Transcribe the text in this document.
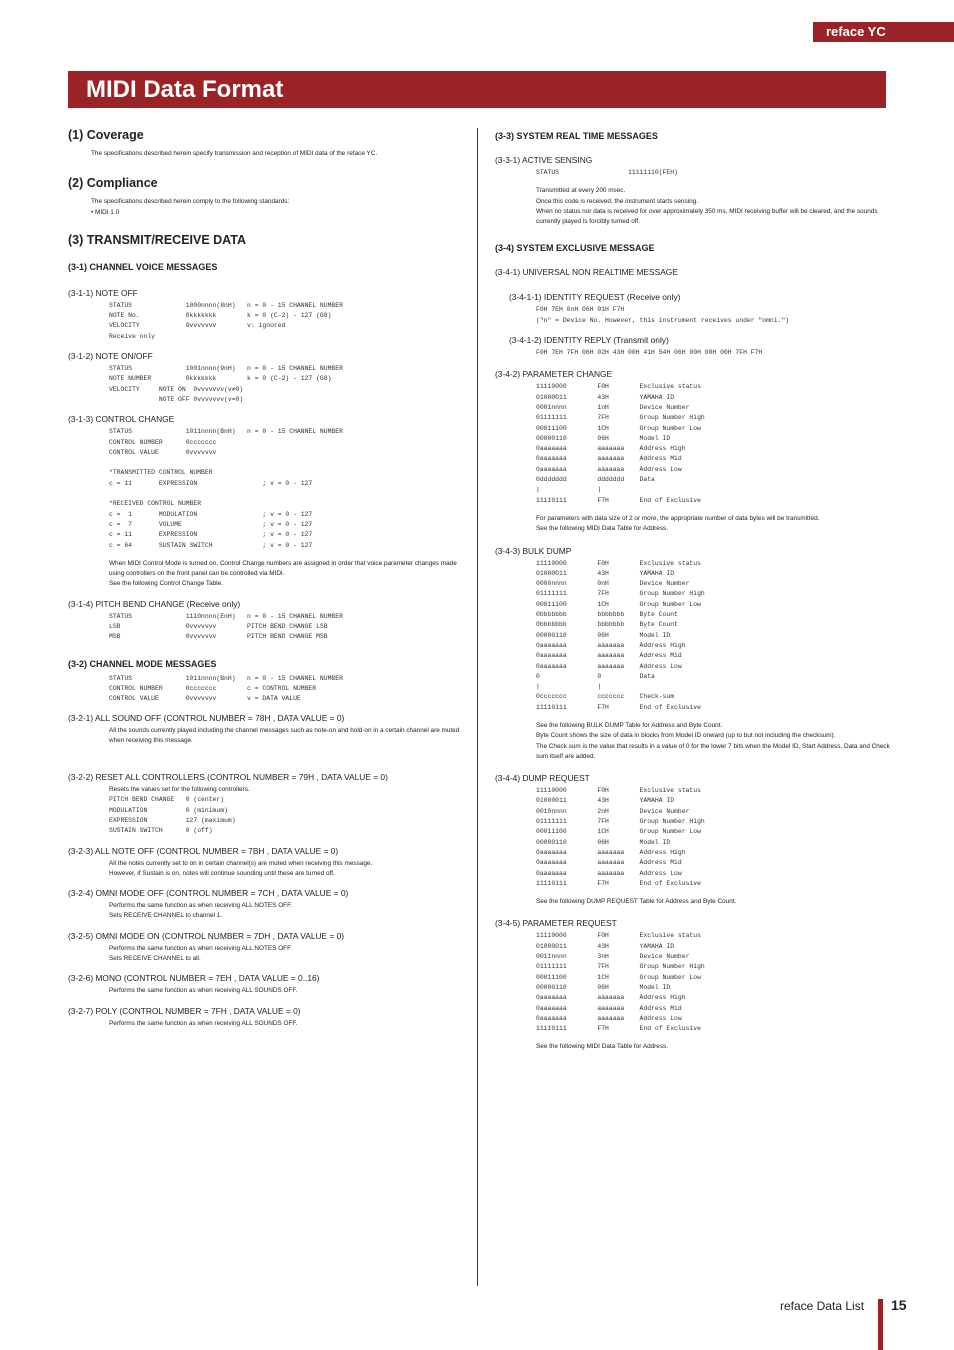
reface YC
MIDI Data Format

(1) Coverage

The specifications described herein specify transmission and reception of MIDI data of the reface YC.

(2) Compliance

The specifications described herein comply to the following standards:

• MIDI 1.0

(3) TRANSMIT/RECEIVE DATA

(3-1) CHANNEL VOICE MESSAGES

(3-1-1) NOTE OFF

STATUS              1000nnnn(8nH)   n = 0 - 15 CHANNEL NUMBER
NOTE No.            0kkkkkkk        k = 0 (C-2) - 127 (G8)
VELOCITY            0vvvvvvv        v: ignored
Receive only

(3-1-2) NOTE ON/OFF

STATUS              1001nnnn(9nH)   n = 0 - 15 CHANNEL NUMBER
NOTE NUMBER         0kkkkkkk        k = 0 (C-2) - 127 (G8)
VELOCITY     NOTE ON  0vvvvvvv(v≠0)
NOTE OFF 0vvvvvvv(v=0)

(3-1-3) CONTROL CHANGE

STATUS              1011nnnn(BnH)   n = 0 - 15 CHANNEL NUMBER
CONTROL NUMBER      0ccccccc
CONTROL VALUE       0vvvvvvv

*TRANSMITTED CONTROL NUMBER
c = 11       EXPRESSION                 ; v = 0 - 127

*RECEIVED CONTROL NUMBER
c =  1       MODULATION                 ; v = 0 - 127
c =  7       VOLUME                     ; v = 0 - 127
c = 11       EXPRESSION                 ; v = 0 - 127
c = 64       SUSTAIN SWITCH             ; v = 0 - 127

When MIDI Control Mode is turned on, Control Change numbers are assigned in order that voice parameter changes made using controllers on the front panel can be controlled via MIDI.

See the following Control Change Table.

(3-1-4) PITCH BEND CHANGE (Receive only)

STATUS              1110nnnn(EnH)   n = 0 - 15 CHANNEL NUMBER
LSB                 0vvvvvvv        PITCH BEND CHANGE LSB
MSB                 0vvvvvvv        PITCH BEND CHANGE MSB

(3-2) CHANNEL MODE MESSAGES

STATUS              1011nnnn(BnH)   n = 0 - 15 CHANNEL NUMBER
CONTROL NUMBER      0ccccccc        c = CONTROL NUMBER
CONTROL VALUE       0vvvvvvv        v = DATA VALUE

(3-2-1) ALL SOUND OFF (CONTROL NUMBER = 78H , DATA VALUE = 0)

All the sounds currently played including the channel messages such as note-on and hold-on in a certain channel are muted when receiving this message.

(3-2-2) RESET ALL CONTROLLERS (CONTROL NUMBER = 79H , DATA VALUE = 0)

Resets the values set for the following controllers.

PITCH BEND CHANGE   0 (center)
MODULATION          0 (minimum)
EXPRESSION          127 (maximum)
SUSTAIN SWITCH      0 (off)

(3-2-3) ALL NOTE OFF (CONTROL NUMBER = 7BH , DATA VALUE = 0)

All the notes currently set to on in certain channel(s) are muted when receiving this message.

However, if Sustain is on, notes will continue sounding until these are turned off.

(3-2-4) OMNI MODE OFF (CONTROL NUMBER = 7CH , DATA VALUE = 0)

Performs the same function as when receiving ALL NOTES OFF.

Sets RECEIVE CHANNEL to channel 1.

(3-2-5) OMNI MODE ON (CONTROL NUMBER = 7DH , DATA VALUE = 0)

Performs the same function as when receiving ALL NOTES OFF.

Sets RECEIVE CHANNEL to all.

(3-2-6) MONO (CONTROL NUMBER = 7EH , DATA VALUE = 0..16)

Performs the same function as when receiving ALL SOUNDS OFF.

(3-2-7) POLY (CONTROL NUMBER = 7FH , DATA VALUE = 0)

Performs the same function as when receiving ALL SOUNDS OFF.

(3-3) SYSTEM REAL TIME MESSAGES

(3-3-1) ACTIVE SENSING

STATUS                  11111110(FEH)

Transmitted at every 200 msec.

Once this code is received, the instrument starts sensing.

When no status nor data is received for over approximately 350 ms, MIDI receiving buffer will be cleared, and the sounds currently played is forcibly turned off.

(3-4) SYSTEM EXCLUSIVE MESSAGE

(3-4-1) UNIVERSAL NON REALTIME MESSAGE

(3-4-1-1) IDENTITY REQUEST (Receive only)

F0H 7EH 0nH 06H 01H F7H
("n" = Device No. However, this instrument receives under "omni.")

(3-4-1-2) IDENTITY REPLY (Transmit only)

F0H 7EH 7FH 06H 02H 43H 00H 41H 54H 06H 00H 00H 00H 7FH F7H

(3-4-2) PARAMETER CHANGE

11110000        F0H        Exclusive status
01000011        43H        YAMAHA ID
0001nnnn        1nH        Device Number
01111111        7FH        Group Number High
00011100        1CH        Group Number Low
00000110        06H        Model ID
0aaaaaaa        aaaaaaa    Address High
0aaaaaaa        aaaaaaa    Address Mid
0aaaaaaa        aaaaaaa    Address Low
0ddddddd        ddddddd    Data
|               |
11110111        F7H        End of Exclusive

For parameters with data size of 2 or more, the appropriate number of data bytes will be transmitted.

See the following MIDI Data Table for Address.

(3-4-3) BULK DUMP

11110000        F0H        Exclusive status
01000011        43H        YAMAHA ID
0000nnnn        0nH        Device Number
01111111        7FH        Group Number High
00011100        1CH        Group Number Low
0bbbbbbb        bbbbbbb    Byte Count
0bbbbbbb        bbbbbbb    Byte Count
00000110        06H        Model ID
0aaaaaaa        aaaaaaa    Address High
0aaaaaaa        aaaaaaa    Address Mid
0aaaaaaa        aaaaaaa    Address Low
0               0          Data
|               |
0ccccccc        ccccccc    Check-sum
11110111        F7H        End of Exclusive

See the following BULK DUMP Table for Address and Byte Count.

Byte Count shows the size of data in blocks from Model ID onward (up to but not including the checksum).

The Check sum is the value that results in a value of 0 for the lower 7 bits when the Model ID, Start Address, Data and Check sum itself are added.

(3-4-4) DUMP REQUEST

11110000        F0H        Exclusive status
01000011        43H        YAMAHA ID
0010nnnn        2nH        Device Number
01111111        7FH        Group Number High
00011100        1CH        Group Number Low
00000110        06H        Model ID
0aaaaaaa        aaaaaaa    Address High
0aaaaaaa        aaaaaaa    Address Mid
0aaaaaaa        aaaaaaa    Address Low
11110111        F7H        End of Exclusive

See the following DUMP REQUEST Table for Address and Byte Count.

(3-4-5) PARAMETER REQUEST

11110000        F0H        Exclusive status
01000011        43H        YAMAHA ID
0011nnnn        3nH        Device Number
01111111        7FH        Group Number High
00011100        1CH        Group Number Low
00000110        06H        Model ID
0aaaaaaa        aaaaaaa    Address High
0aaaaaaa        aaaaaaa    Address Mid
0aaaaaaa        aaaaaaa    Address Low
11110111        F7H        End of Exclusive

See the following MIDI Data Table for Address.

reface Data List 15
